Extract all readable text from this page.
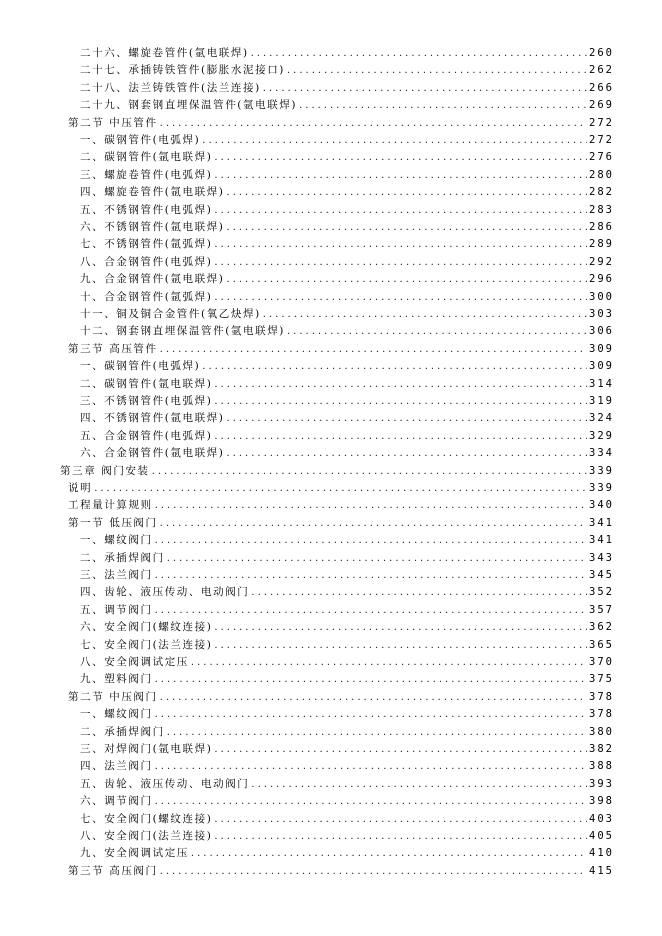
二十六、螺旋卷管件(氩电联焊) .....	260
二十七、承插铸铁管件(膨胀水泥接口) .....	262
二十八、法兰铸铁管件(法兰连接) .....	266
二十九、钢套钢直埋保温管件(氩电联焊) .....	269
第二节 中压管件 .....	272
一、碳钢管件(电弧焊) .....	272
二、碳钢管件(氩电联焊) .....	276
三、螺旋卷管件(电弧焊) .....	280
四、螺旋卷管件(氩电联焊) .....	282
五、不锈钢管件(电弧焊) .....	283
六、不锈钢管件(氩电联焊) .....	286
七、不锈钢管件(氩弧焊) .....	289
八、合金钢管件(电弧焊) .....	292
九、合金钢管件(氩电联焊) .....	296
十、合金钢管件(氩弧焊) .....	300
十一、铜及铜合金管件(氧乙炔焊) .....	303
十二、钢套钢直埋保温管件(氩电联焊) .....	306
第三节 高压管件 .....	309
一、碳钢管件(电弧焊) .....	309
二、碳钢管件(氩电联焊) .....	314
三、不锈钢管件(电弧焊) .....	319
四、不锈钢管件(氩电联焊) .....	324
五、合金钢管件(电弧焊) .....	329
六、合金钢管件(氩电联焊) .....	334
第三章 阀门安装 .....	339
说明 .....	339
工程量计算规则 .....	340
第一节 低压阀门 .....	341
一、螺纹阀门 .....	341
二、承插焊阀门 .....	343
三、法兰阀门 .....	345
四、齿轮、液压传动、电动阀门 .....	352
五、调节阀门 .....	357
六、安全阀门(螺纹连接) .....	362
七、安全阀门(法兰连接) .....	365
八、安全阀调试定压 .....	370
九、塑料阀门 .....	375
第二节 中压阀门 .....	378
一、螺纹阀门 .....	378
二、承插焊阀门 .....	380
三、对焊阀门(氩电联焊) .....	382
四、法兰阀门 .....	388
五、齿轮、液压传动、电动阀门 .....	393
六、调节阀门 .....	398
七、安全阀门(螺纹连接) .....	403
八、安全阀门(法兰连接) .....	405
九、安全阀调试定压 .....	410
第三节 高压阀门 .....	415
